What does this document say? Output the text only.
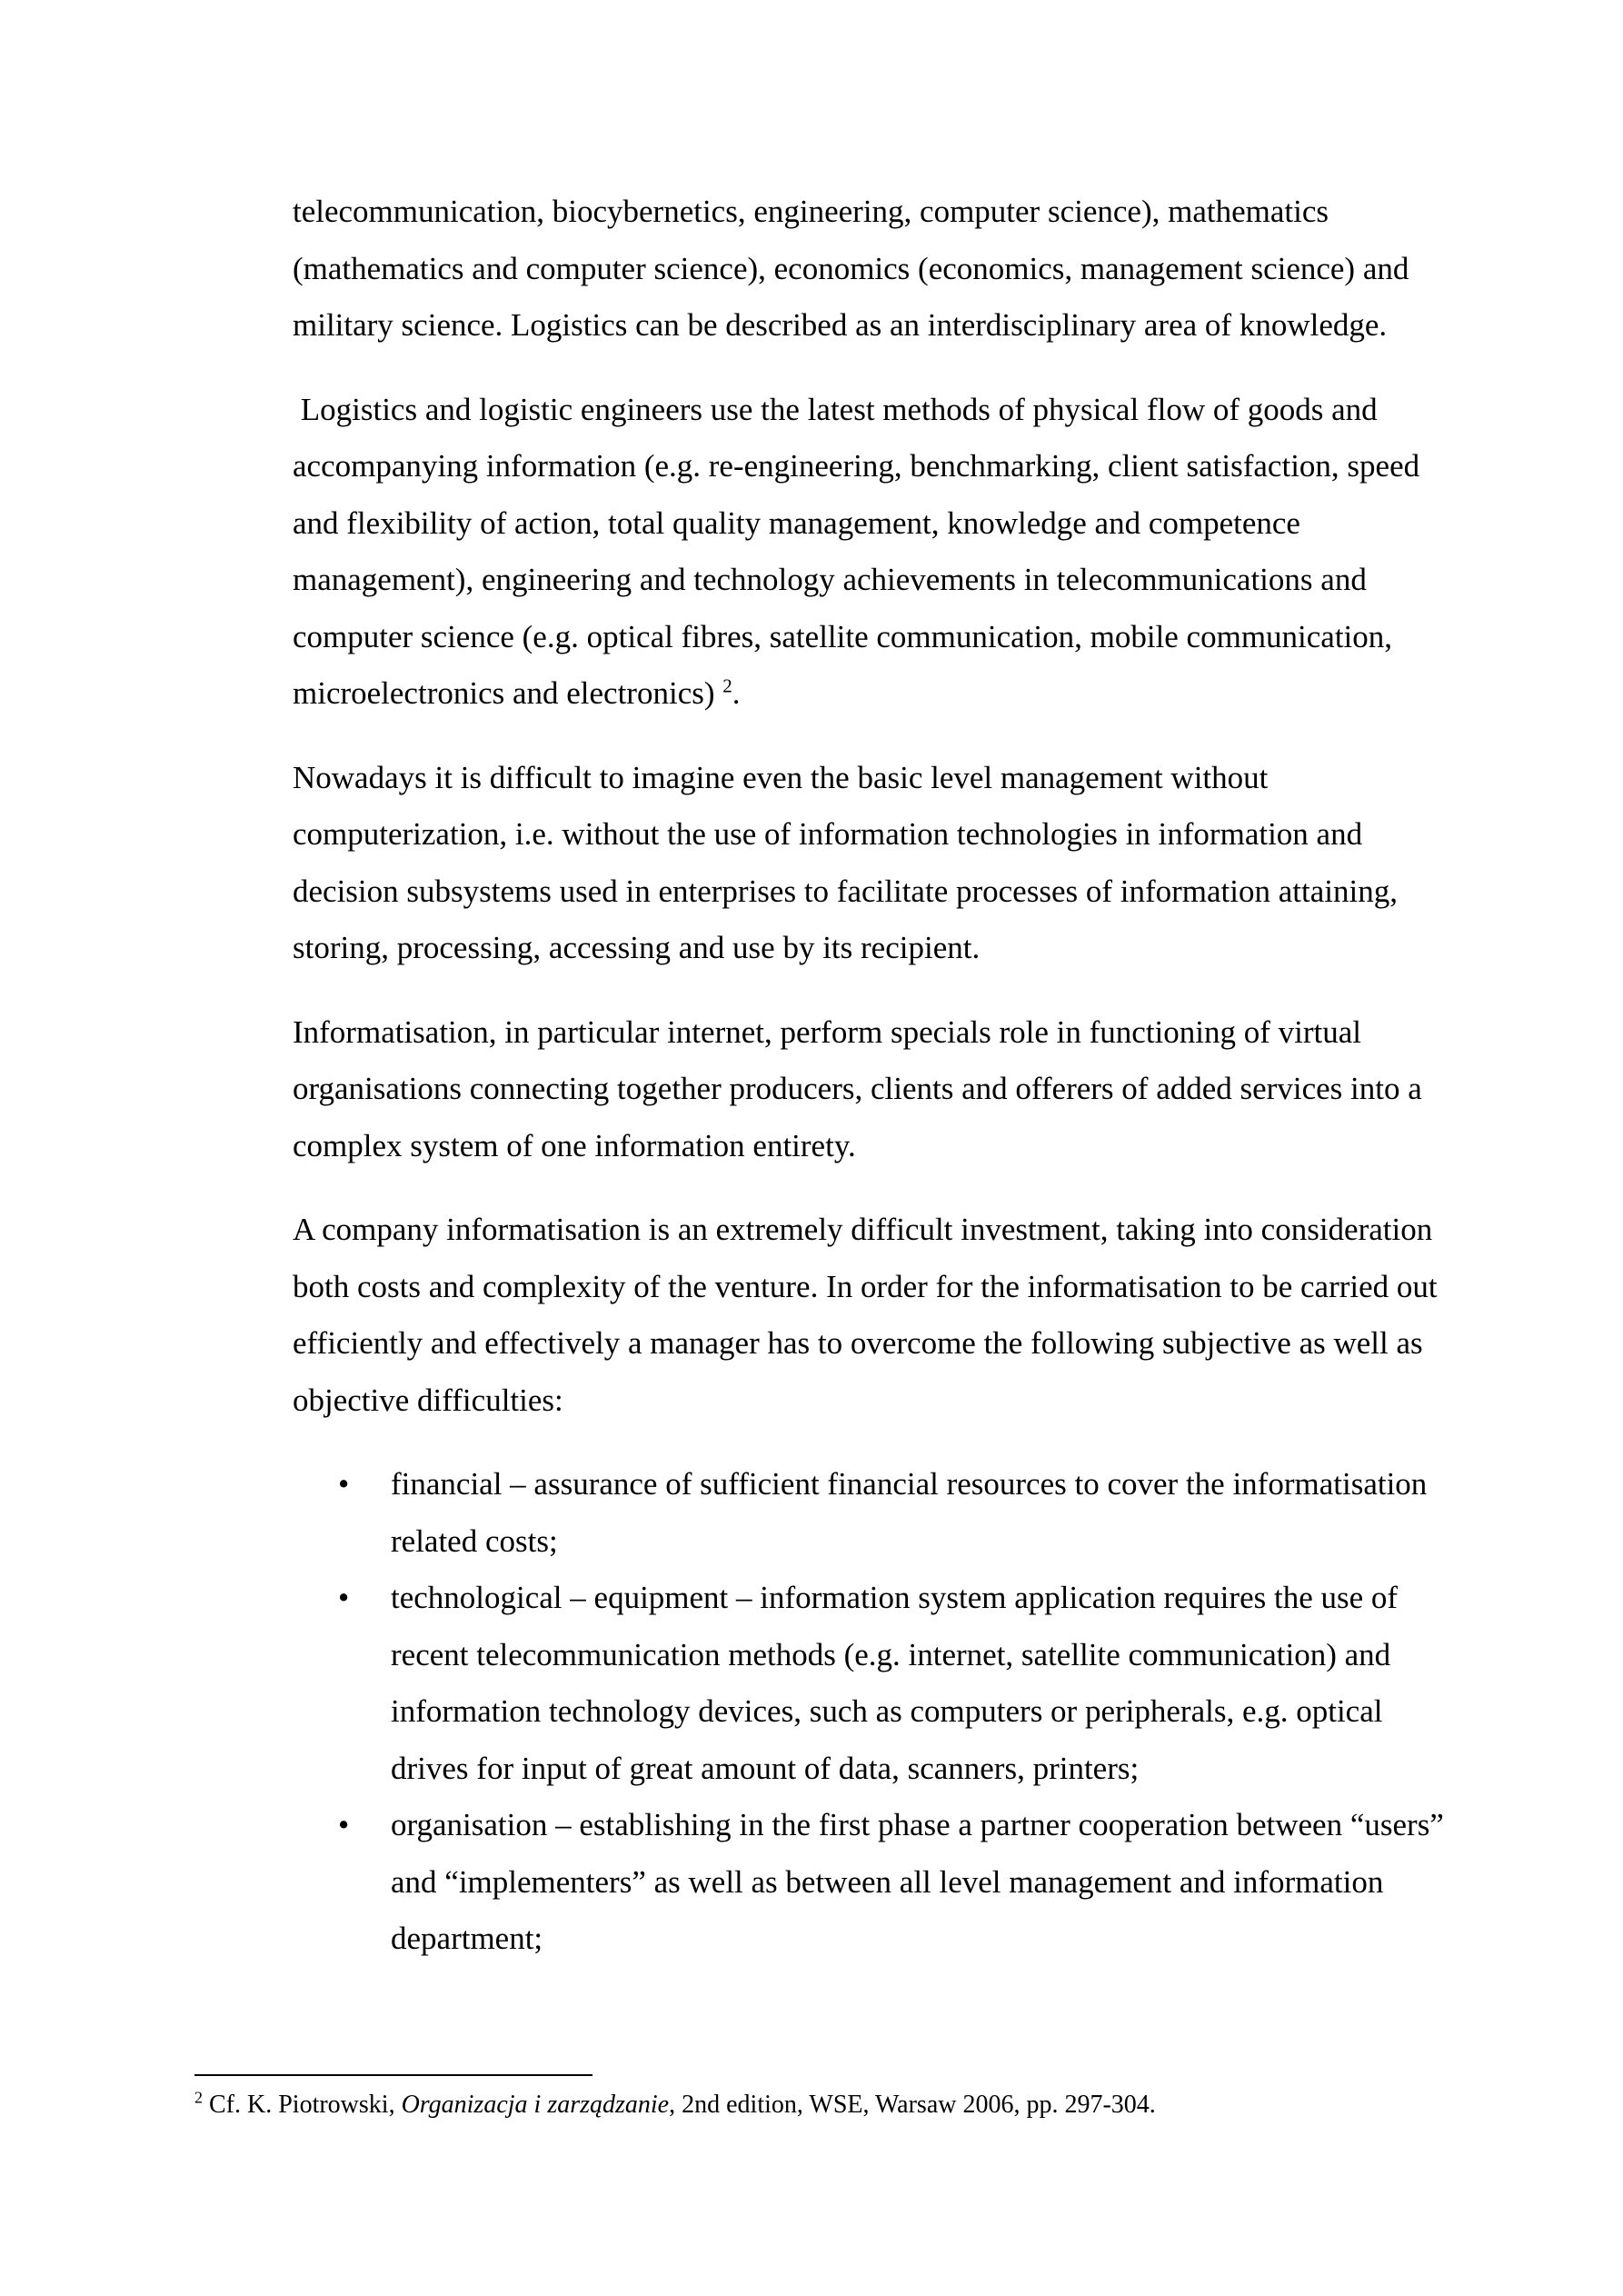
telecommunication, biocybernetics, engineering, computer science), mathematics (mathematics and computer science), economics (economics, management science) and military science. Logistics can be described as an interdisciplinary area of knowledge.

Logistics and logistic engineers use the latest methods of physical flow of goods and accompanying information (e.g. re-engineering, benchmarking, client satisfaction, speed and flexibility of action, total quality management, knowledge and competence management), engineering and technology achievements in telecommunications and computer science (e.g. optical fibres, satellite communication, mobile communication, microelectronics and electronics) $^2$.

Nowadays it is difficult to imagine even the basic level management without computerization, i.e. without the use of information technologies in information and decision subsystems used in enterprises to facilitate processes of information attaining, storing, processing, accessing and use by its recipient.

Informatisation, in particular internet, perform specials role in functioning of virtual organisations connecting together producers, clients and offerers of added services into a complex system of one information entirety.

A company informatisation is an extremely difficult investment, taking into consideration both costs and complexity of the venture. In order for the informatisation to be carried out efficiently and effectively a manager has to overcome the following subjective as well as objective difficulties:

• financial – assurance of sufficient financial resources to cover the informatisation related costs;
• technological – equipment – information system application requires the use of recent telecommunication methods (e.g. internet, satellite communication) and information technology devices, such as computers or peripherals, e.g. optical drives for input of great amount of data, scanners, printers;
• organisation – establishing in the first phase a partner cooperation between “users” and “implementers” as well as between all level management and information department;
$^2$ Cf. K. Piotrowski, Organizacja i zarządzanie, 2nd edition, WSE, Warsaw 2006, pp. 297-304.
